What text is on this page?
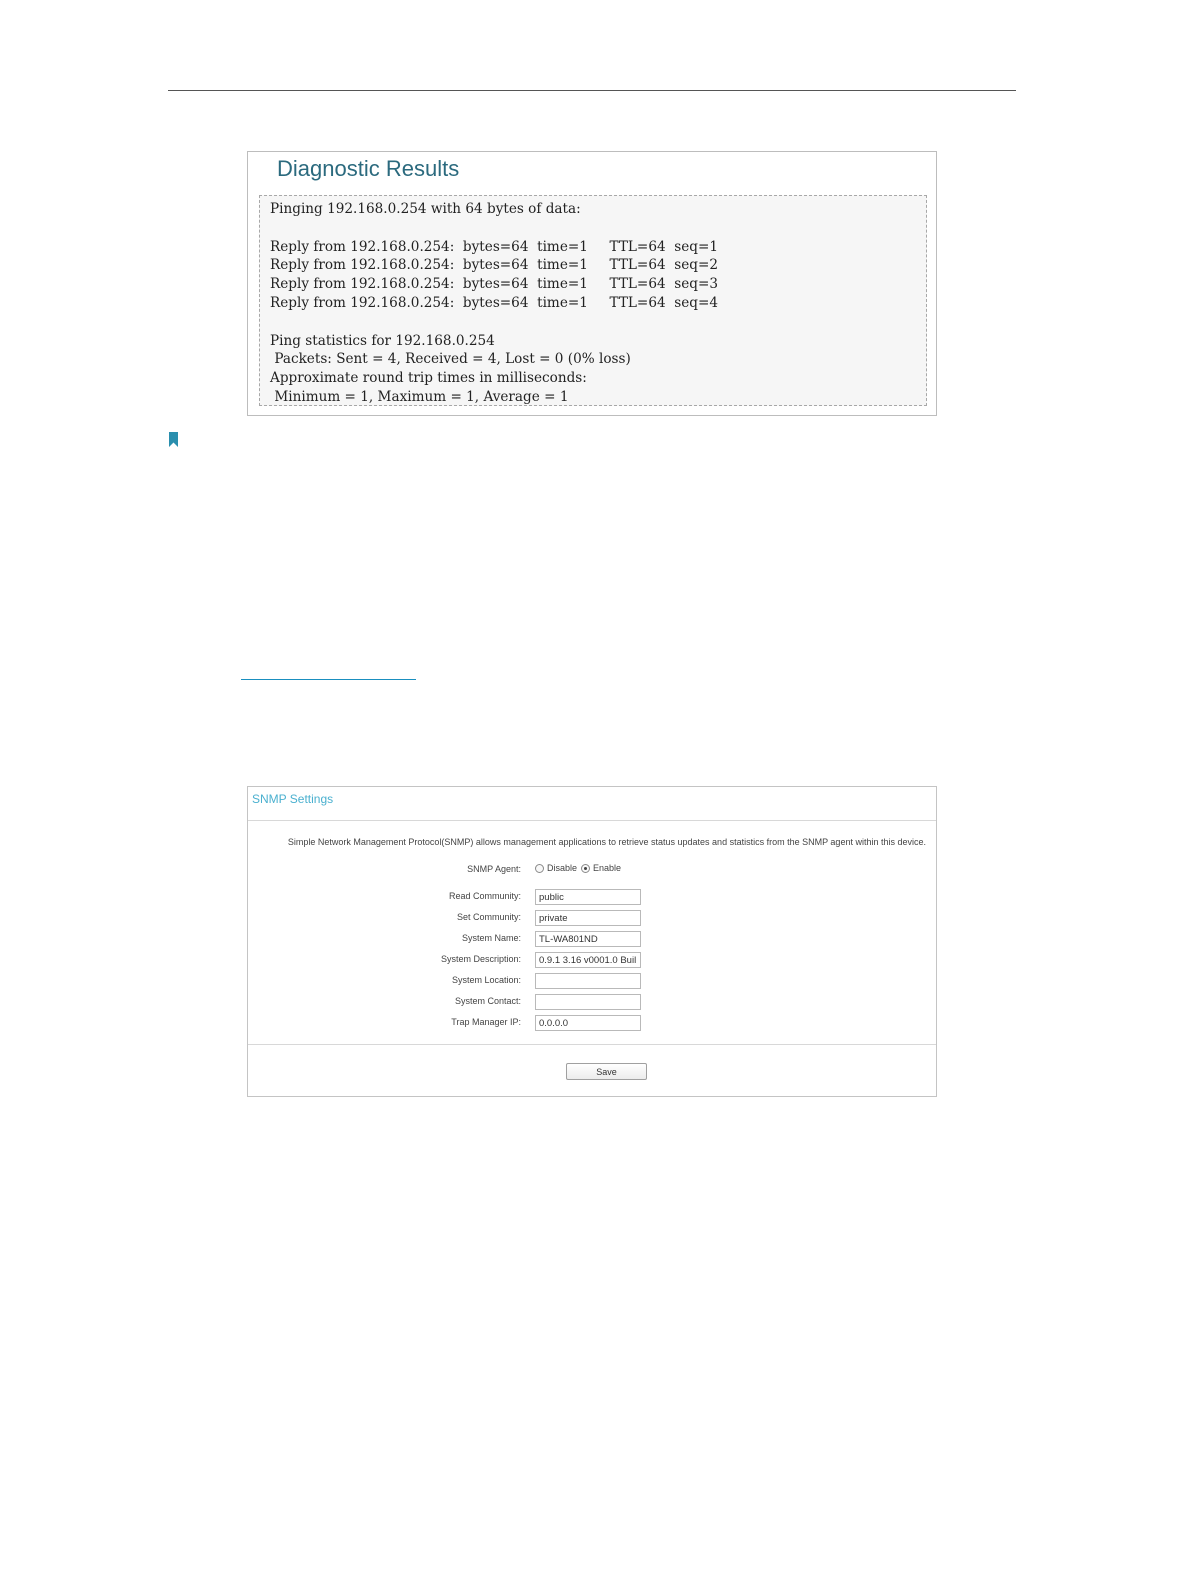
Diagnostic Results
Pinging 192.168.0.254 with 64 bytes of data:
Reply from 192.168.0.254:  bytes=64  time=1     TTL=64  seq=1
Reply from 192.168.0.254:  bytes=64  time=1     TTL=64  seq=2
Reply from 192.168.0.254:  bytes=64  time=1     TTL=64  seq=3
Reply from 192.168.0.254:  bytes=64  time=1     TTL=64  seq=4
Ping statistics for 192.168.0.254
Packets: Sent = 4, Received = 4, Lost = 0 (0% loss)
Approximate round trip times in milliseconds:
Minimum = 1, Maximum = 1, Average = 1
SNMP Settings
Simple Network Management Protocol(SNMP) allows management applications to retrieve status updates and statistics from the SNMP agent within this device.
SNMP Agent:	Disable Enable
Read Community:
public
Set Community:
private
System Name:
TL-WA801ND
System Description:
0.9.1 3.16 v0001.0 Buil
System Location:
System Contact:
Trap Manager IP:
0.0.0.0
Save
